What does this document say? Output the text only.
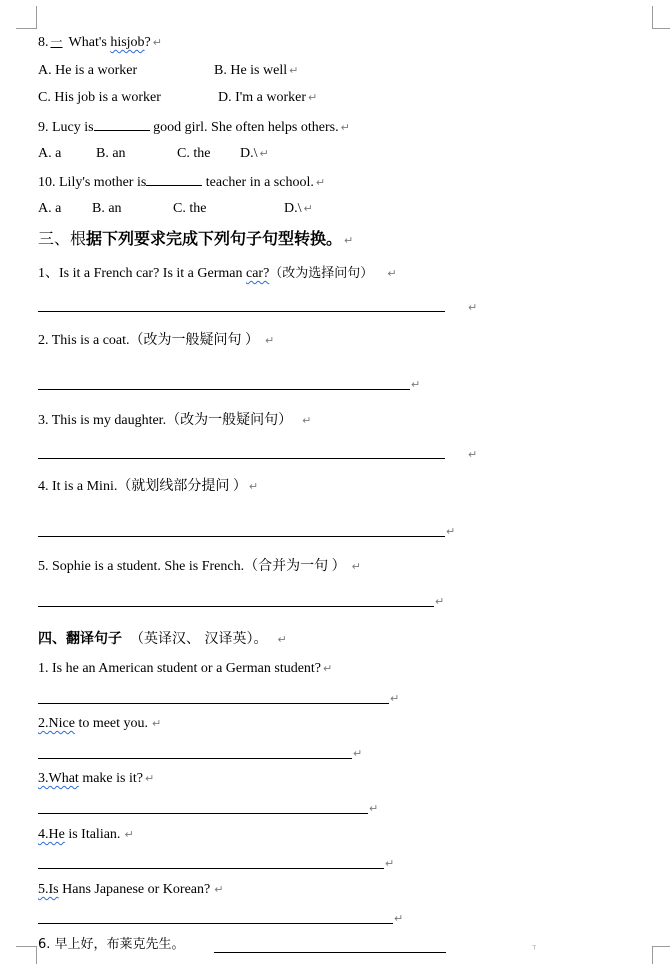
8. 一 What's hisjob? ↵
A. He is a worker	B. He is well ↵
C. His job is a worker	D. I'm a worker ↵
9. Lucy is	good girl. She often helps others. ↵
A. a B. an	C. the D.\ ↵
10. Lily's mother is	teacher in a school. ↵
A. a B. an	C. the	D.\ ↵
三、根据下列要求完成下列句子句型转换。 ↵
1、Is it a French car? Is it a German car?（改为选择问句） ↵
↵
2. This is a coat.（改为一般疑问句 ） ↵
↵
3. This is my daughter.（改为一般疑问句） ↵
↵
4. It is a Mini.（就划线部分提问 ） ↵
↵
5. Sophie is a student. She is French.（合并为一句 ） ↵
↵
四、翻译句子 （英译汉、 汉译英）。 ↵
1. Is he an American student or a German student? ↵
↵
2.Nice to meet you. ↵
↵
3.What make is it? ↵
↵
4.He is Italian. ↵
↵
5.Is Hans Japanese or Korean? ↵
↵
6. 早上好，布莱克先生。	⸆
